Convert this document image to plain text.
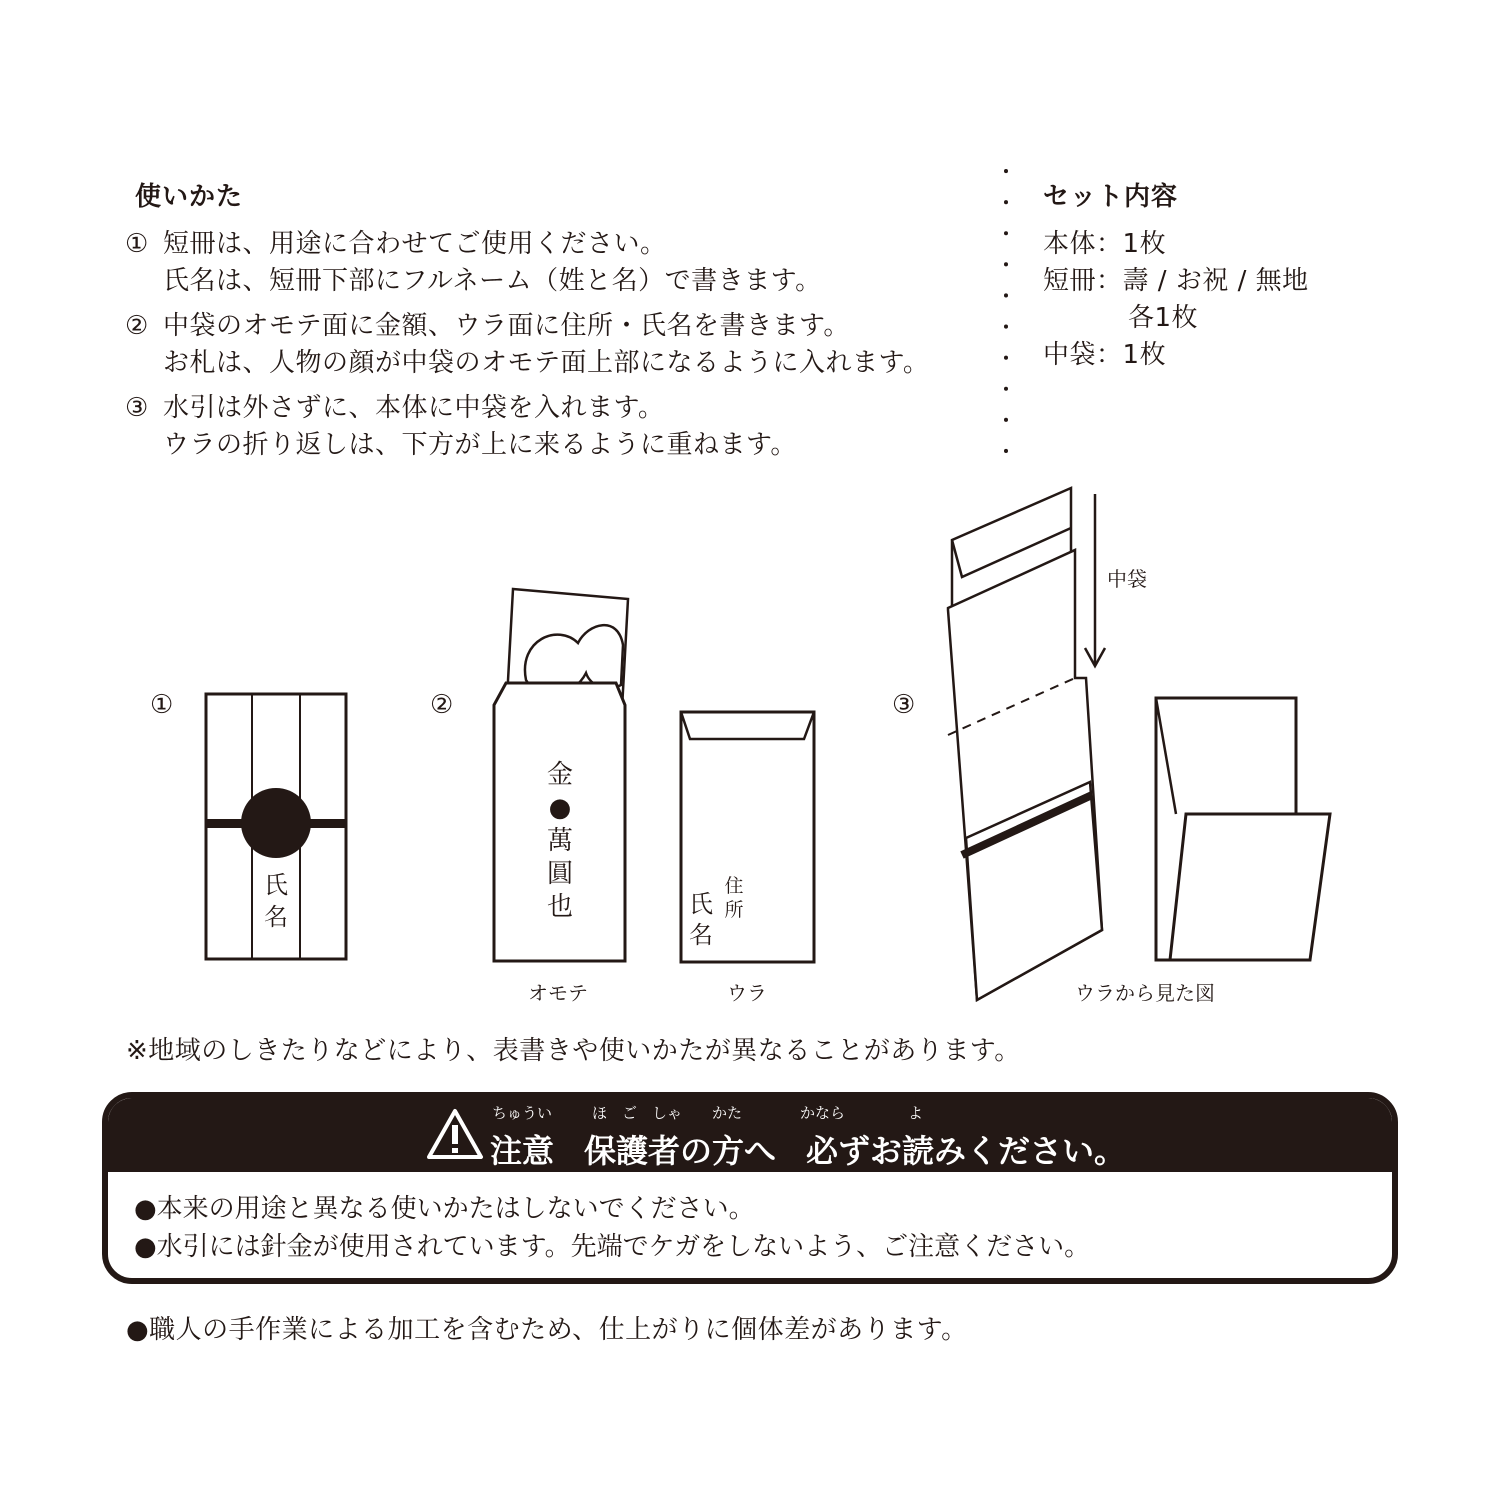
使いかた
① 短冊は、用途に合わせてご使用ください。
氏名は、短冊下部にフルネーム（姓と名）で書きます。
② 中袋のオモテ面に金額、ウラ面に住所・氏名を書きます。
お札は、人物の顔が中袋のオモテ面上部になるように入れます。
③ 水引は外さずに、本体に中袋を入れます。
ウラの折り返しは、下方が上に来るように重ねます。
セット内容
本体：1枚
短冊：壽 / お祝 / 無地
各1枚
中袋：1枚
①
氏
名
②
金
●
萬
圓
也
オモテ
住
所
氏
名
ウラ
③
中袋
ウラから見た図
※地域のしきたりなどにより、表書きや使いかたが異なることがあります。
ちゅうい
注意
ほ ご しゃ かた
保護者の方へ
かなら	よ
必ずお読みください。
●本来の用途と異なる使いかたはしないでください。
●水引には針金が使用されています。先端でケガをしないよう、ご注意ください。
●職人の手作業による加工を含むため、仕上がりに個体差があります。
